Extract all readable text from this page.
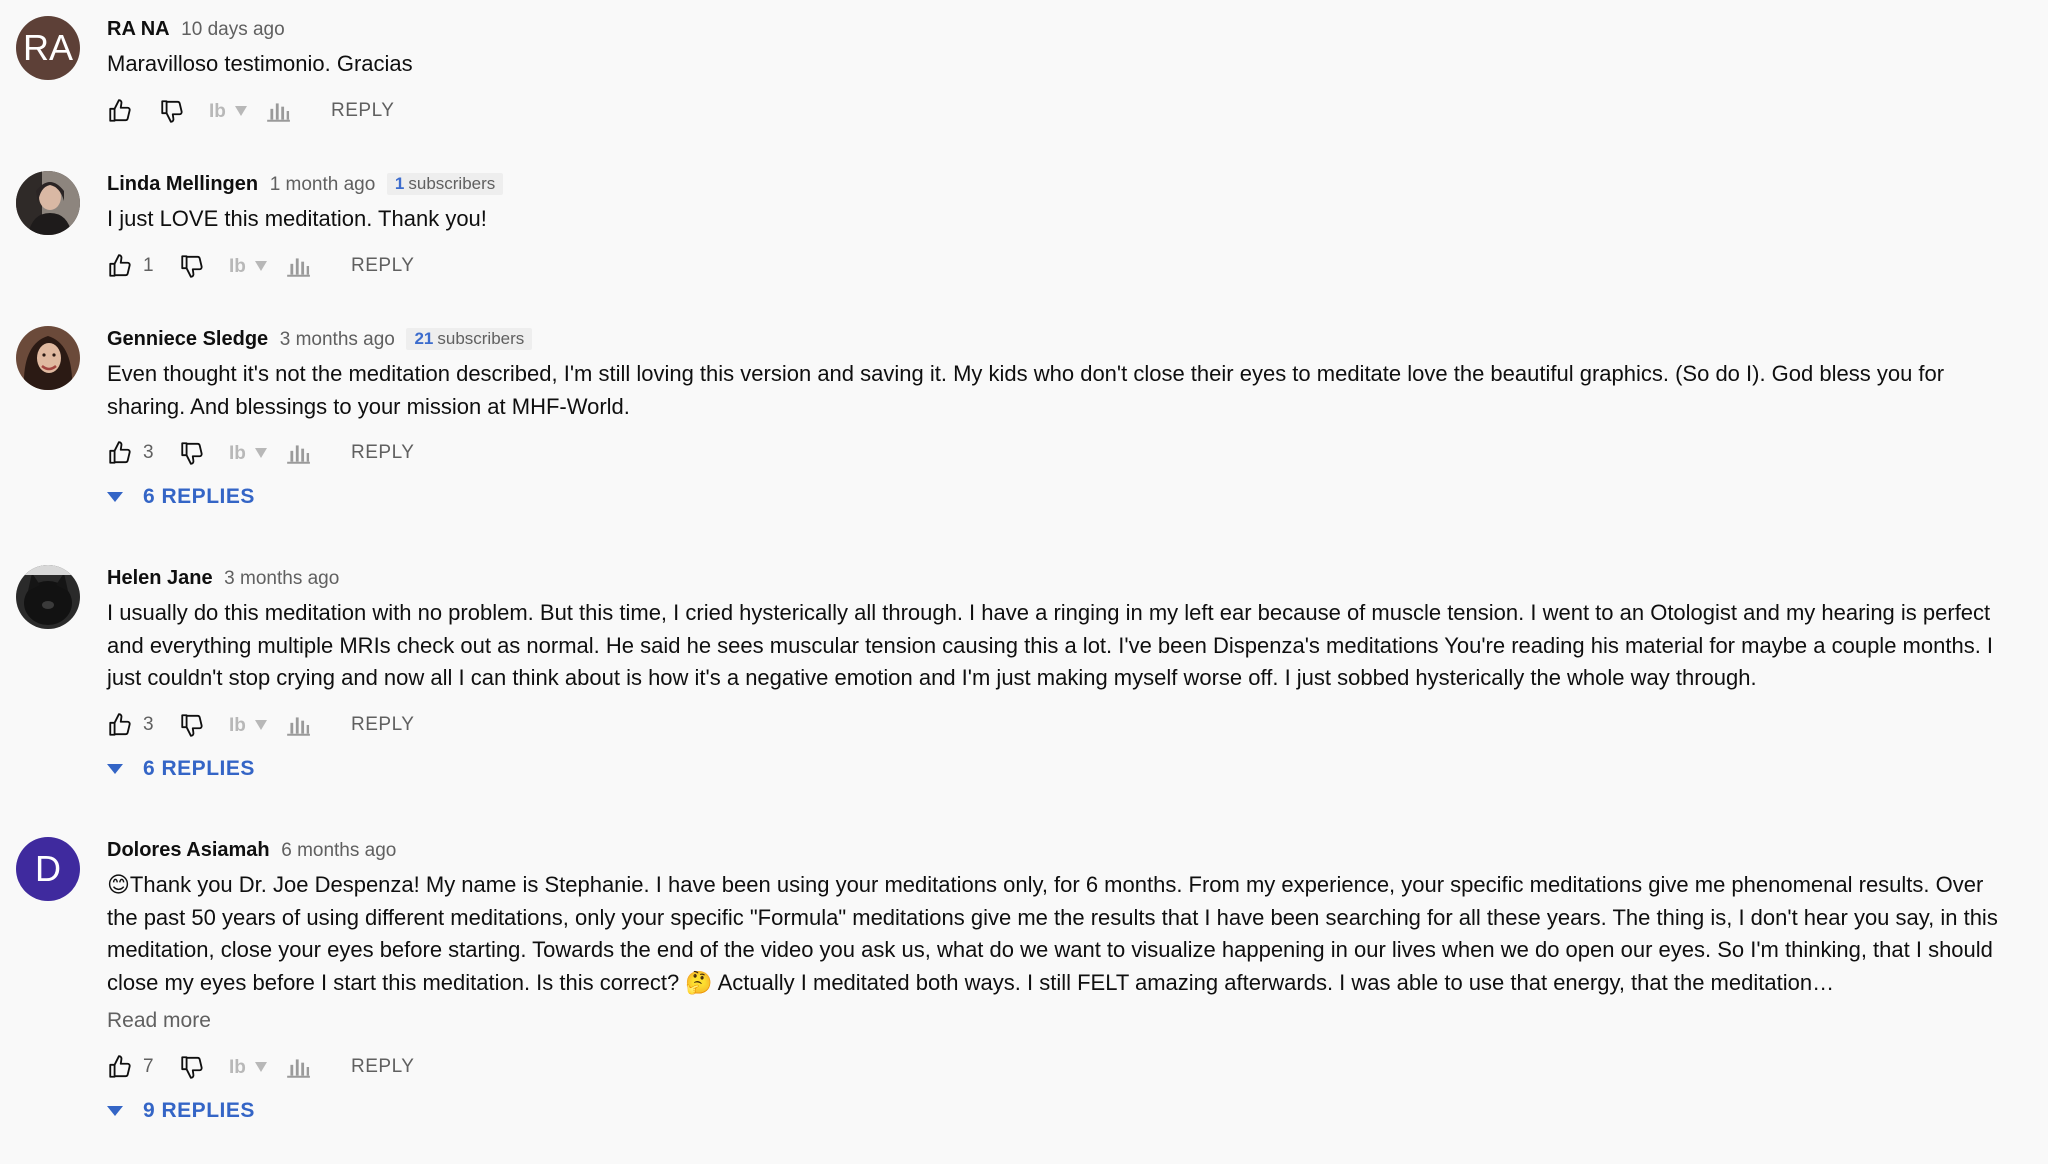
RA	RA NA 10 days ago
Maravilloso testimonio. Gracias
REPLY
Linda Mellingen 1 month ago 1 subscribers
I just LOVE this meditation. Thank you!
1	REPLY
Genniece Sledge 3 months ago 21 subscribers
Even thought it's not the meditation described, I'm still loving this version and saving it. My kids who don't close their eyes to meditate love the beautiful graphics. (So do I). God bless you for sharing. And blessings to your mission at MHF-World.
3	REPLY
6 REPLIES
Helen Jane 3 months ago
I usually do this meditation with no problem. But this time, I cried hysterically all through. I have a ringing in my left ear because of muscle tension. I went to an Otologist and my hearing is perfect and everything multiple MRIs check out as normal. He said he sees muscular tension causing this a lot. I've been Dispenza's meditations You're reading his material for maybe a couple months. I just couldn't stop crying and now all I can think about is how it's a negative emotion and I'm just making myself worse off. I just sobbed hysterically the whole way through.
3	REPLY
6 REPLIES
D	Dolores Asiamah 6 months ago
😊Thank you Dr. Joe Despenza! My name is Stephanie. I have been using your meditations only, for 6 months. From my experience, your specific meditations give me phenomenal results. Over the past 50 years of using different meditations, only your specific "Formula" meditations give me the results that I have been searching for all these years. The thing is, I don't hear you say, in this meditation, close your eyes before starting. Towards the end of the video you ask us, what do we want to visualize happening in our lives when we do open our eyes. So I'm thinking, that I should close my eyes before I start this meditation. Is this correct? 🤔 Actually I meditated both ways. I still FELT amazing afterwards. I was able to use that energy, that the meditation…
Read more
7	REPLY
9 REPLIES
